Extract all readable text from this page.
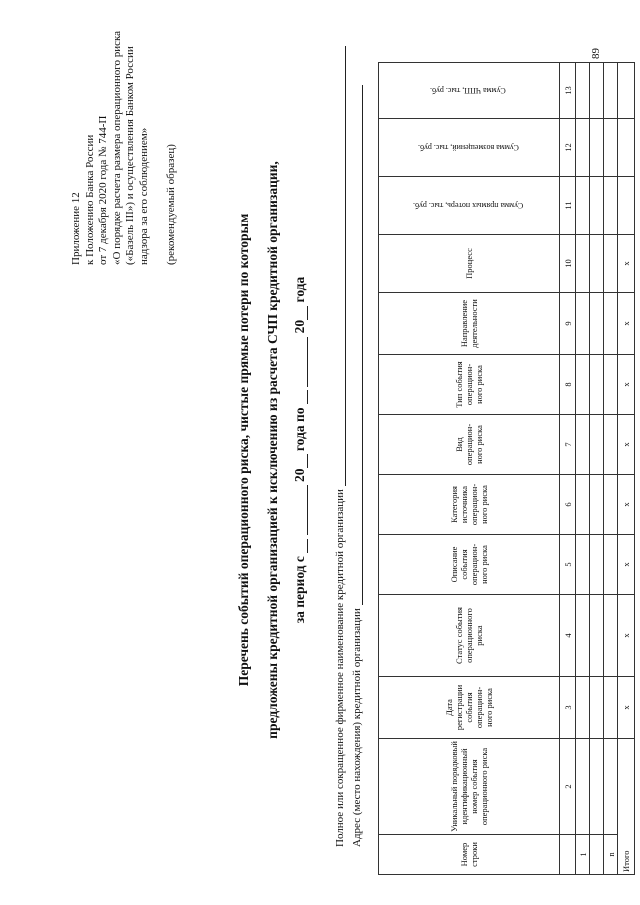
Приложение 12 к Положению Банка России от 7 декабря 2020 года № 744-П «О порядке расчета размера операционного риска («Базель III») и осуществления Банком России надзора за его соблюдением» (рекомендуемый образец)
Перечень событий операционного риска, чистые прямые потери по которым предложены кредитной организацией к исключению из расчета СЧП кредитной организации, за период с   20 года по   20 года
Полное или сокращенное фирменное наименование кредитной организации Адрес (место нахождения) кредитной организации
Номер строки	Уникальный порядковый идентификационный номер события операционного риска	Дата регистрации события операцион-ного риска	Статус события операционного риска	Описание события операцион-ного риска	Категория источника операцион-ного риска	Вид операцион-ного риска	Тип события операцион-ного риска	Направление деятельности	Процесс	Сумма прямых потерь, тыс. руб.	Сумма возмещений, тыс. руб.	Сумма ЧПП, тыс. руб.
	2	3	4	5	6	7	8	9	10	11	12	13
1												

n												
Итого		x	x	x	x	x	x	x	x			
89
